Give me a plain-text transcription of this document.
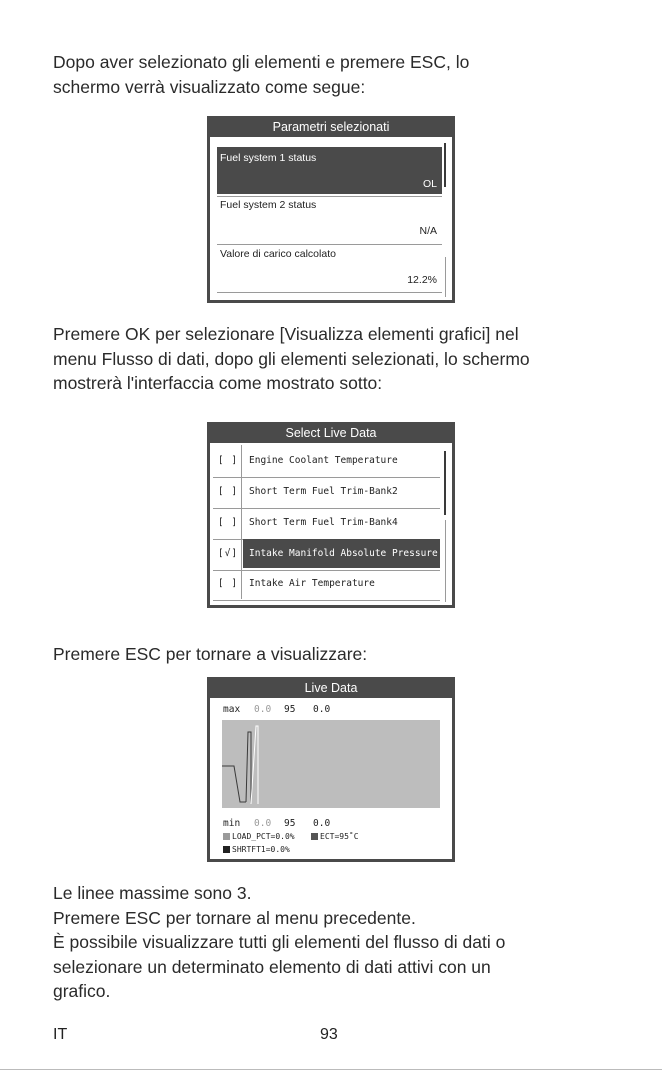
Dopo aver selezionato gli elementi e premere ESC, lo
schermo verrà visualizzato come segue:
Parametri selezionati
Fuel system 1 status
OL
Fuel system 2 status
N/A
Valore di carico calcolato
12.2%
Premere OK per selezionare [Visualizza elementi grafici] nel
menu Flusso di dati, dopo gli elementi selezionati, lo schermo
mostrerà l'interfaccia come mostrato sotto:
Select Live Data
[ ]	Engine Coolant Temperature
[ ]	Short Term Fuel Trim-Bank2
[ ]	Short Term Fuel Trim-Bank4
[√]	Intake Manifold Absolute Pressure
[ ]	Intake Air Temperature
Premere ESC per tornare a visualizzare:
Live Data
max 0.0 95 0.0
min 0.0 95 0.0
LOAD_PCT=0.0%	ECT=95˚C
SHRTFT1=0.0%
Le linee massime sono 3.
Premere ESC per tornare al menu precedente.
È possibile visualizzare tutti gli elementi del flusso di dati o
selezionare un determinato elemento di dati attivi con un
grafico.
IT	93
